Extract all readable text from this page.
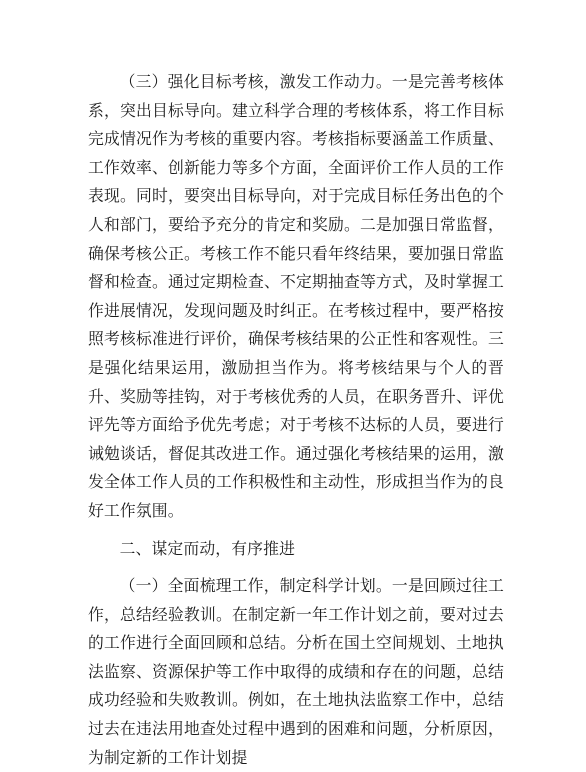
（三）强化目标考核，激发工作动力。一是完善考核体系，突出目标导向。建立科学合理的考核体系，将工作目标完成情况作为考核的重要内容。考核指标要涵盖工作质量、工作效率、创新能力等多个方面，全面评价工作人员的工作表现。同时，要突出目标导向，对于完成目标任务出色的个人和部门，要给予充分的肯定和奖励。二是加强日常监督，确保考核公正。考核工作不能只看年终结果，要加强日常监督和检查。通过定期检查、不定期抽查等方式，及时掌握工作进展情况，发现问题及时纠正。在考核过程中，要严格按照考核标准进行评价，确保考核结果的公正性和客观性。三是强化结果运用，激励担当作为。将考核结果与个人的晋升、奖励等挂钩，对于考核优秀的人员，在职务晋升、评优评先等方面给予优先考虑；对于考核不达标的人员，要进行诫勉谈话，督促其改进工作。通过强化考核结果的运用，激发全体工作人员的工作积极性和主动性，形成担当作为的良好工作氛围。

二、谋定而动，有序推进

（一）全面梳理工作，制定科学计划。一是回顾过往工作，总结经验教训。在制定新一年工作计划之前，要对过去的工作进行全面回顾和总结。分析在国土空间规划、土地执法监察、资源保护等工作中取得的成绩和存在的问题，总结成功经验和失败教训。例如，在土地执法监察工作中，总结过去在违法用地查处过程中遇到的困难和问题，分析原因，为制定新的工作计划提
